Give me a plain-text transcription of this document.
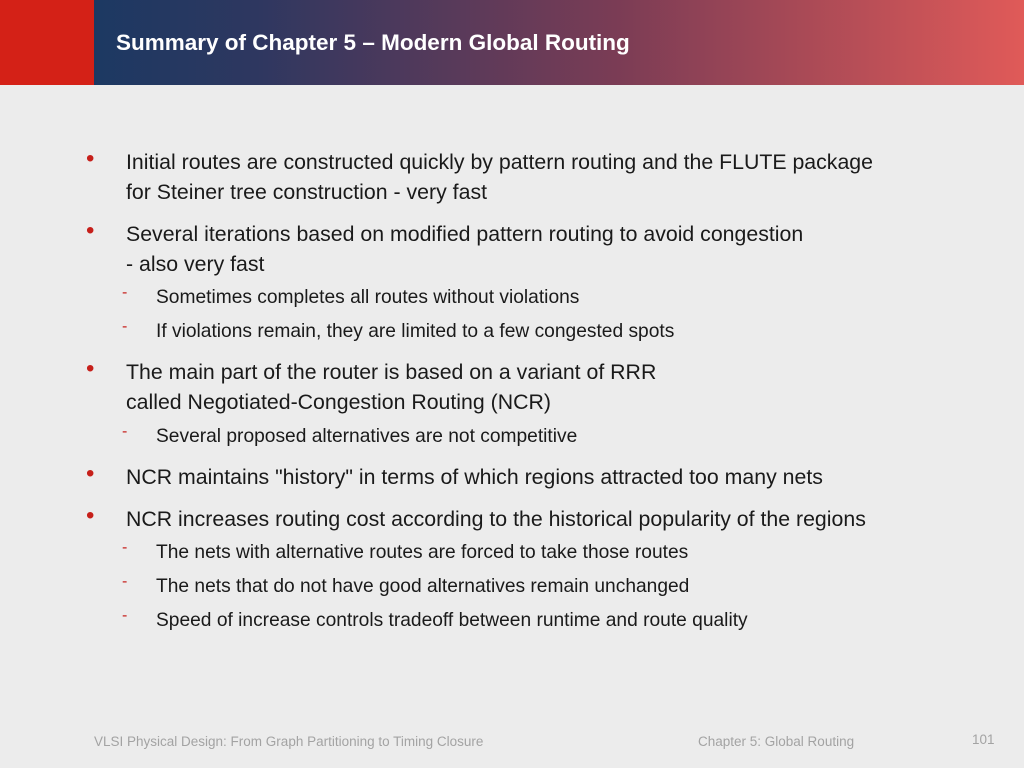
Summary of Chapter 5 – Modern Global Routing
• Initial routes are constructed quickly by pattern routing and the FLUTE package
for Steiner tree construction - very fast
• Several iterations based on modified pattern routing to avoid congestion
- also very fast
- Sometimes completes all routes without violations
- If violations remain, they are limited to a few congested spots
• The main part of the router is based on a variant of RRR
called Negotiated-Congestion Routing (NCR)
- Several proposed alternatives are not competitive
• NCR maintains "history" in terms of which regions attracted too many nets
• NCR increases routing cost according to the historical popularity of the regions
- The nets with alternative routes are forced to take those routes
- The nets that do not have good alternatives remain unchanged
- Speed of increase controls tradeoff between runtime and route quality
VLSI Physical Design: From Graph Partitioning to Timing Closure	Chapter 5: Global Routing	101
